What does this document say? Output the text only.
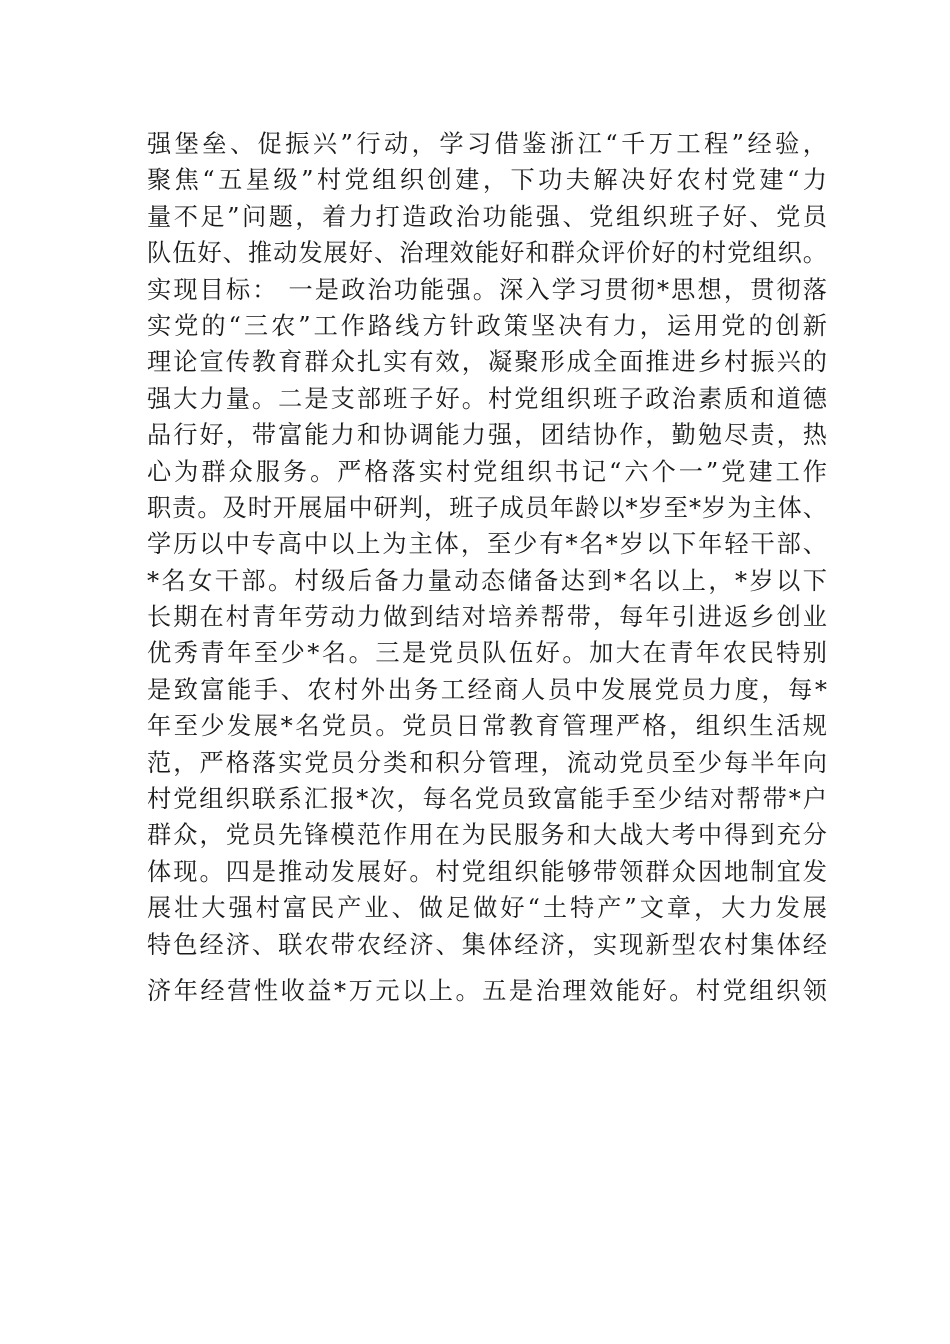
强堡垒、促振兴”行动，学习借鉴浙江“千万工程”经验，
聚焦“五星级”村党组织创建，下功夫解决好农村党建“力
量不足”问题，着力打造政治功能强、党组织班子好、党员
队伍好、推动发展好、治理效能好和群众评价好的村党组织。
实现目标： 一是政治功能强。深入学习贯彻*思想，贯彻落
实党的“三农”工作路线方针政策坚决有力，运用党的创新
理论宣传教育群众扎实有效，凝聚形成全面推进乡村振兴的
强大力量。二是支部班子好。村党组织班子政治素质和道德
品行好，带富能力和协调能力强，团结协作，勤勉尽责，热
心为群众服务。严格落实村党组织书记“六个一”党建工作
职责。及时开展届中研判，班子成员年龄以*岁至*岁为主体、
学历以中专高中以上为主体，至少有*名*岁以下年轻干部、
*名女干部。村级后备力量动态储备达到*名以上，*岁以下
长期在村青年劳动力做到结对培养帮带，每年引进返乡创业
优秀青年至少*名。三是党员队伍好。加大在青年农民特别
是致富能手、农村外出务工经商人员中发展党员力度，每*
年至少发展*名党员。党员日常教育管理严格，组织生活规
范，严格落实党员分类和积分管理，流动党员至少每半年向
村党组织联系汇报*次，每名党员致富能手至少结对帮带*户
群众，党员先锋模范作用在为民服务和大战大考中得到充分
体现。四是推动发展好。村党组织能够带领群众因地制宜发
展壮大强村富民产业、做足做好“土特产”文章，大力发展
特色经济、联农带农经济、集体经济，实现新型农村集体经
济年经营性收益*万元以上。五是治理效能好。村党组织领
